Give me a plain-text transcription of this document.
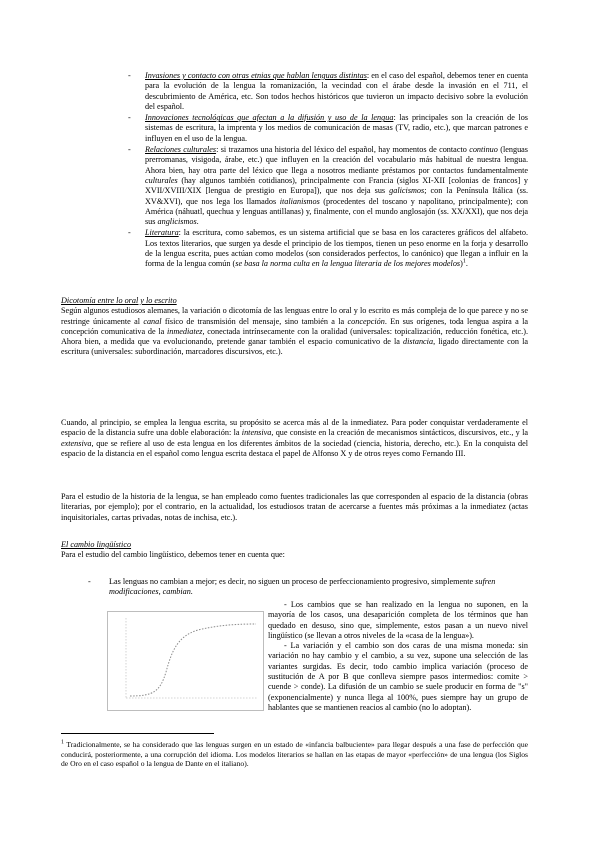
- Invasiones y contacto con otras etnias que hablan lenguas distintas: en el caso del español, debemos tener en cuenta para la evolución de la lengua la romanización, la vecindad con el árabe desde la invasión en el 711, el descubrimiento de América, etc. Son todos hechos históricos que tuvieron un impacto decisivo sobre la evolución del español.
- Innovaciones tecnológicas que afectan a la difusión y uso de la lengua: las principales son la creación de los sistemas de escritura, la imprenta y los medios de comunicación de masas (TV, radio, etc.), que marcan patrones e influyen en el uso de la lengua.
- Relaciones culturales: si trazamos una historia del léxico del español, hay momentos de contacto continuo (lenguas prerromanas, visigoda, árabe, etc.) que influyen en la creación del vocabulario más habitual de nuestra lengua. Ahora bien, hay otra parte del léxico que llega a nosotros mediante préstamos por contactos fundamentalmente culturales (hay algunos también cotidianos), principalmente con Francia (siglos XI-XII [colonias de francos] y XVII/XVIII/XIX [lengua de prestigio en Europa]), que nos deja sus galicismos; con la Península Itálica (ss. XV&XVI), que nos lega los llamados italianismos (procedentes del toscano y napolitano, principalmente); con América (náhuatl, quechua y lenguas antillanas) y, finalmente, con el mundo anglosajón (ss. XX/XXI), que nos deja sus anglicismos.
- Literatura: la escritura, como sabemos, es un sistema artificial que se basa en los caracteres gráficos del alfabeto. Los textos literarios, que surgen ya desde el principio de los tiempos, tienen un peso enorme en la forja y desarrollo de la lengua escrita, pues actúan como modelos (son considerados perfectos, lo canónico) que llegan a influir en la forma de la lengua común (se basa la norma culta en la lengua literaria de los mejores modelos)$^1$.
Dicotomía entre lo oral y lo escrito
Según algunos estudiosos alemanes, la variación o dicotomía de las lenguas entre lo oral y lo escrito es más compleja de lo que parece y no se restringe únicamente al canal físico de transmisión del mensaje, sino también a la concepción. En sus orígenes, toda lengua aspira a la concepción comunicativa de la inmediatez, conectada intrínsecamente con la oralidad (universales: topicalización, reducción fonética, etc.). Ahora bien, a medida que va evolucionando, pretende ganar también el espacio comunicativo de la distancia, ligado directamente con la escritura (universales: subordinación, marcadores discursivos, etc.).
Cuando, al principio, se emplea la lengua escrita, su propósito se acerca más al de la inmediatez. Para poder conquistar verdaderamente el espacio de la distancia sufre una doble elaboración: la intensiva, que consiste en la creación de mecanismos sintácticos, discursivos, etc., y la extensiva, que se refiere al uso de esta lengua en los diferentes ámbitos de la sociedad (ciencia, historia, derecho, etc.). En la conquista del espacio de la distancia en el español como lengua escrita destaca el papel de Alfonso X y de otros reyes como Fernando III.
Para el estudio de la historia de la lengua, se han empleado como fuentes tradicionales las que corresponden al espacio de la distancia (obras literarias, por ejemplo); por el contrario, en la actualidad, los estudiosos tratan de acercarse a fuentes más próximas a la inmediatez (actas inquisitoriales, cartas privadas, notas de inchisa, etc.).
El cambio lingüístico
Para el estudio del cambio lingüístico, debemos tener en cuenta que:
-	Las lenguas no cambian a mejor; es decir, no siguen un proceso de perfeccionamiento progresivo, simplemente sufren modificaciones, cambian.

- Los cambios que se han realizado en la lengua no suponen, en la mayoría de los casos, una desaparición completa de los términos que han quedado en desuso, sino que, simplemente, estos pasan a un nuevo nivel lingüístico (se llevan a otros niveles de la «casa de la lengua»).

- La variación y el cambio son dos caras de una misma moneda: sin variación no hay cambio y el cambio, a su vez, supone una selección de las variantes surgidas. Es decir, todo cambio implica variación (proceso de sustitución de A por B que conlleva siempre pasos intermedios: comite > cuende > conde). La difusión de un cambio se suele producir en forma de "s" (exponencialmente) y nunca llega al 100%, pues siempre hay un grupo de hablantes que se mantienen reacios al cambio (no lo adoptan).

$^1$ Tradicionalmente, se ha considerado que las lenguas surgen en un estado de «infancia balbuciente» para llegar después a una fase de perfección que conducirá, posteriormente, a una corrupción del idioma. Los modelos literarios se hallan en las etapas de mayor «perfección» de una lengua (los Siglos de Oro en el caso español o la lengua de Dante en el italiano).
